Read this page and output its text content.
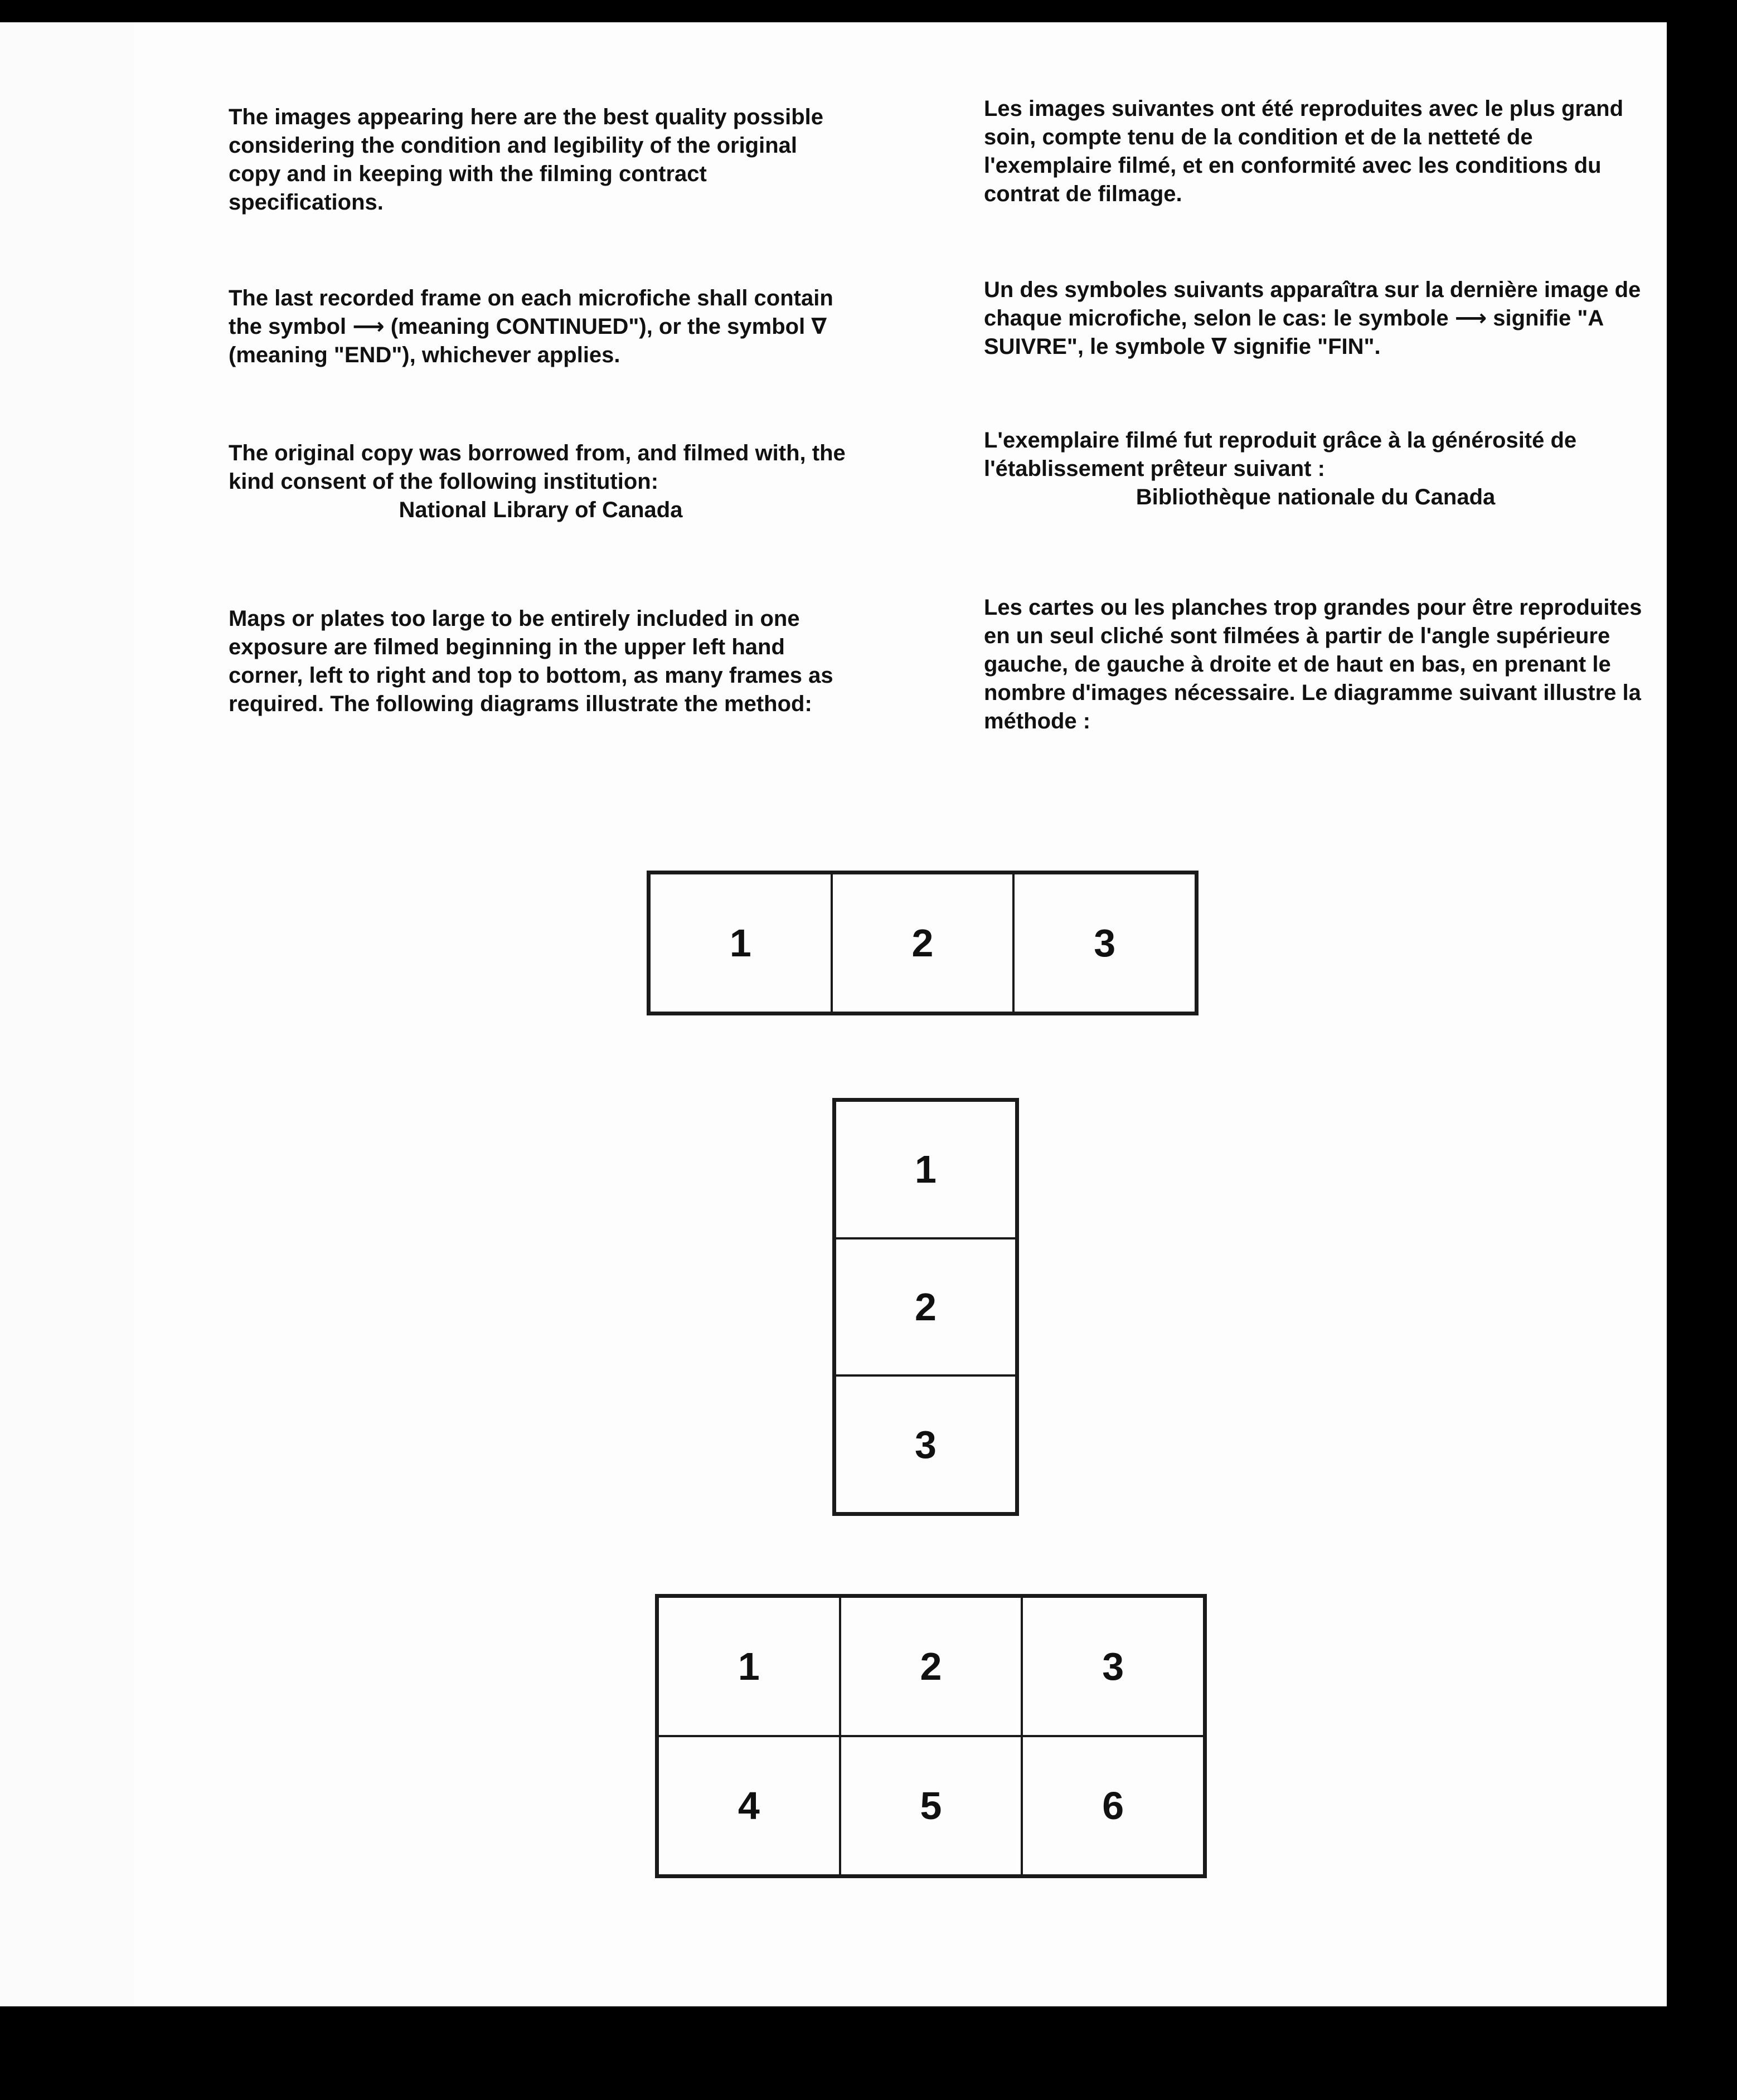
The images appearing here are the best quality possible considering the condition and legibility of the original copy and in keeping with the filming contract specifications.

The last recorded frame on each microfiche shall contain the symbol ⟶ (meaning CONTINUED"), or the symbol ∇ (meaning "END"), whichever applies.

The original copy was borrowed from, and filmed with, the kind consent of the following institution:
National Library of Canada

Maps or plates too large to be entirely included in one exposure are filmed beginning in the upper left hand corner, left to right and top to bottom, as many frames as required. The following diagrams illustrate the method:

Les images suivantes ont été reproduites avec le plus grand soin, compte tenu de la condition et de la netteté de l'exemplaire filmé, et en conformité avec les conditions du contrat de filmage.

Un des symboles suivants apparaîtra sur la dernière image de chaque microfiche, selon le cas: le symbole ⟶ signifie "A SUIVRE", le symbole ∇ signifie "FIN".

L'exemplaire filmé fut reproduit grâce à la générosité de l'établissement prêteur suivant :
Bibliothèque nationale du Canada

Les cartes ou les planches trop grandes pour être reproduites en un seul cliché sont filmées à partir de l'angle supérieure gauche, de gauche à droite et de haut en bas, en prenant le nombre d'images nécessaire. Le diagramme suivant illustre la méthode :

1	2	3
1
2
3
1	2	3
4	5	6
